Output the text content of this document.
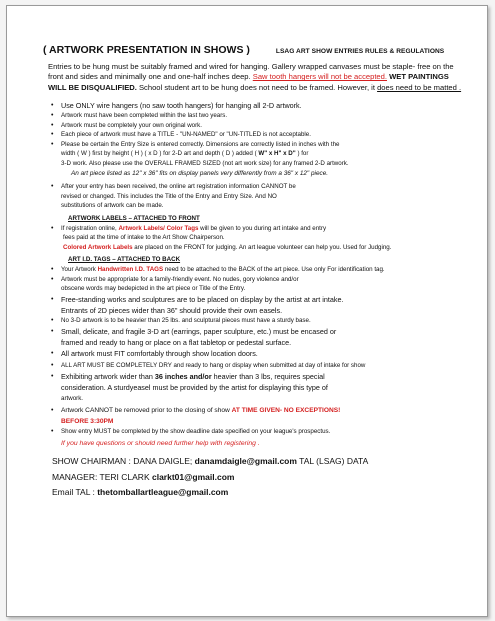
( ARTWORK PRESENTATION IN SHOWS )	LSAG ART SHOW ENTRIES RULES & REGULATIONS
Entries to be hung must be suitably framed and wired for hanging. Gallery wrapped canvases must be staple- free on the front and sides and minimally one and one-half inches deep. Saw tooth hangers will not be accepted. WET PAINTINGS WILL BE DISQUALIFIED. School student art to be hung does not need to be framed. However, it does need to be matted .
• Use ONLY wire hangers (no saw tooth hangers) for hanging all 2-D artwork.
• Artwork must have been completed within the last two years.
• Artwork must be completely your own original work.
• Each piece of artwork must have a TITLE - "UN-NAMED" or "UN-TITLED is not acceptable.
• Please be certain the Entry Size is entered correctly. Dimensions are correctly listed in inches with the
width ( W ) first by height ( H ) ( x D ) for 2-D art and depth ( D ) added ( W" x H" x D" ) for
3-D work. Also please use the OVERALL FRAMED SIZED (not art work size) for any framed 2-D artwork.
An art piece listed as 12" x 36" fits on display panels very differently from a 36" x 12" piece.
• After your entry has been received, the online art registration information CANNOT be
revised or changed. This includes the Title of the Entry and Entry Size. And NO
substitutions of artwork can be made.
ARTWORK LABELS – ATTACHED TO FRONT
• If registration online, Artwork Labels/ Color Tags will be given to you during art intake and entry
fees paid at the time of intake to the Art Show Chairperson.
Colored Artwork Labels are placed on the FRONT for judging. An art league volunteer can help you. Used for Judging.
ART I.D. TAGS – ATTACHED TO BACK
• Your Artwork Handwritten I.D. TAGS need to be attached to the BACK of the art piece. Use only For identification tag.
• Artwork must be appropriate for a family-friendly event. No nudes, gory violence and/or
obscene words may bedepicted in the art piece or Title of the Entry.
• Free-standing works and sculptures are to be placed on display by the artist at art intake.
Entrants of 2D pieces wider than 36" should provide their own easels.
• No 3-D artwork is to be heavier than 25 lbs. and sculptural pieces must have a sturdy base.
• Small, delicate, and fragile 3-D art (earrings, paper sculpture, etc.) must be encased or
framed and ready to hang or place on a flat tabletop or pedestal surface.
• All artwork must FIT comfortably through show location doors.
• ALL ART MUST BE COMPLETELY DRY and ready to hang or display when submitted at day of intake for show
• Exhibiting artwork wider than 36 inches and/or heavier than 3 lbs, requires special
consideration. A sturdyeasel must be provided by the artist for displaying this type of
artwork.
• Artwork CANNOT be removed prior to the closing of show AT TIME GIVEN- NO EXCEPTIONS!
BEFORE 3:30PM
• Show entry MUST be completed by the show deadline date specified on your league's prospectus.
If you have questions or should need further help with registering .
SHOW CHAIRMAN : DANA DAIGLE; danamdaigle@gmail.com TAL (LSAG) DATA
MANAGER: TERI CLARK clarkt01@gmail.com
Email TAL : thetomballartleague@gmail.com
